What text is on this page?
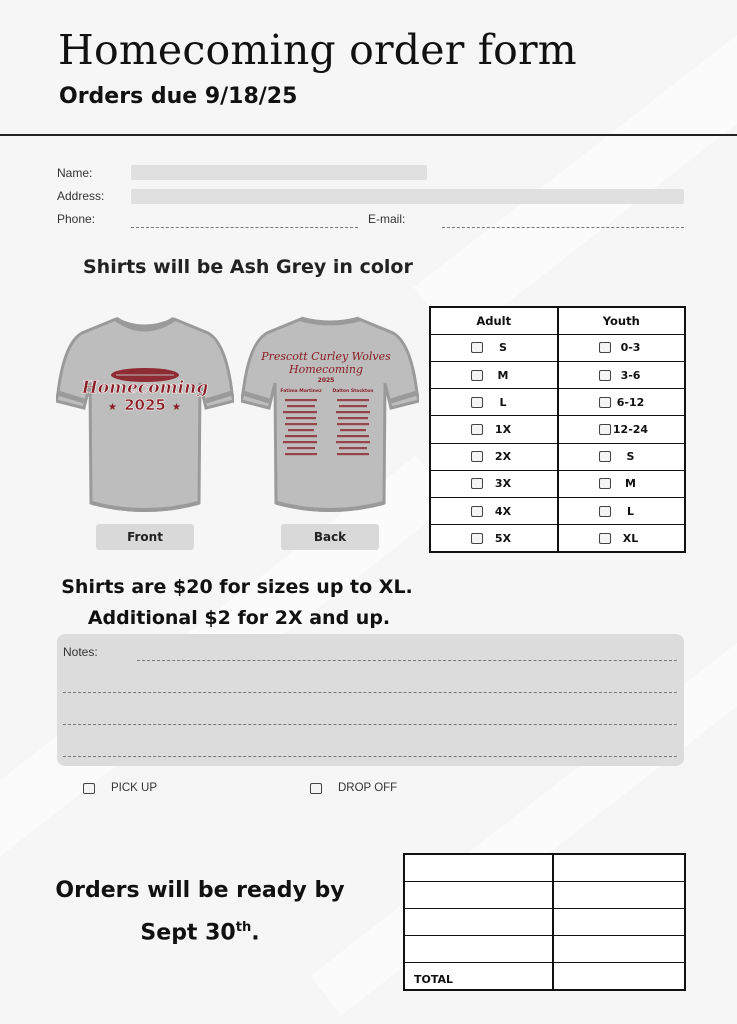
Homecoming order form
Orders due 9/18/25
Name:
Address:
Phone:	E-mail:
Shirts will be Ash Grey in color
Homecoming
2025
★	★
Front
Prescott Curley Wolves
Homecoming
2025
Fatima Martinez Dalton Stockton
Back
Adult	Youth

S	0-3

M	3-6

L	6-12

1X	12-24

2X	S

3X	M

4X	L

5X	XL
Shirts are $20 for sizes up to XL.
Additional $2 for 2X and up.
Notes:
PICK UP	DROP OFF
Orders will be ready by
Sept 30th.

TOTAL	
